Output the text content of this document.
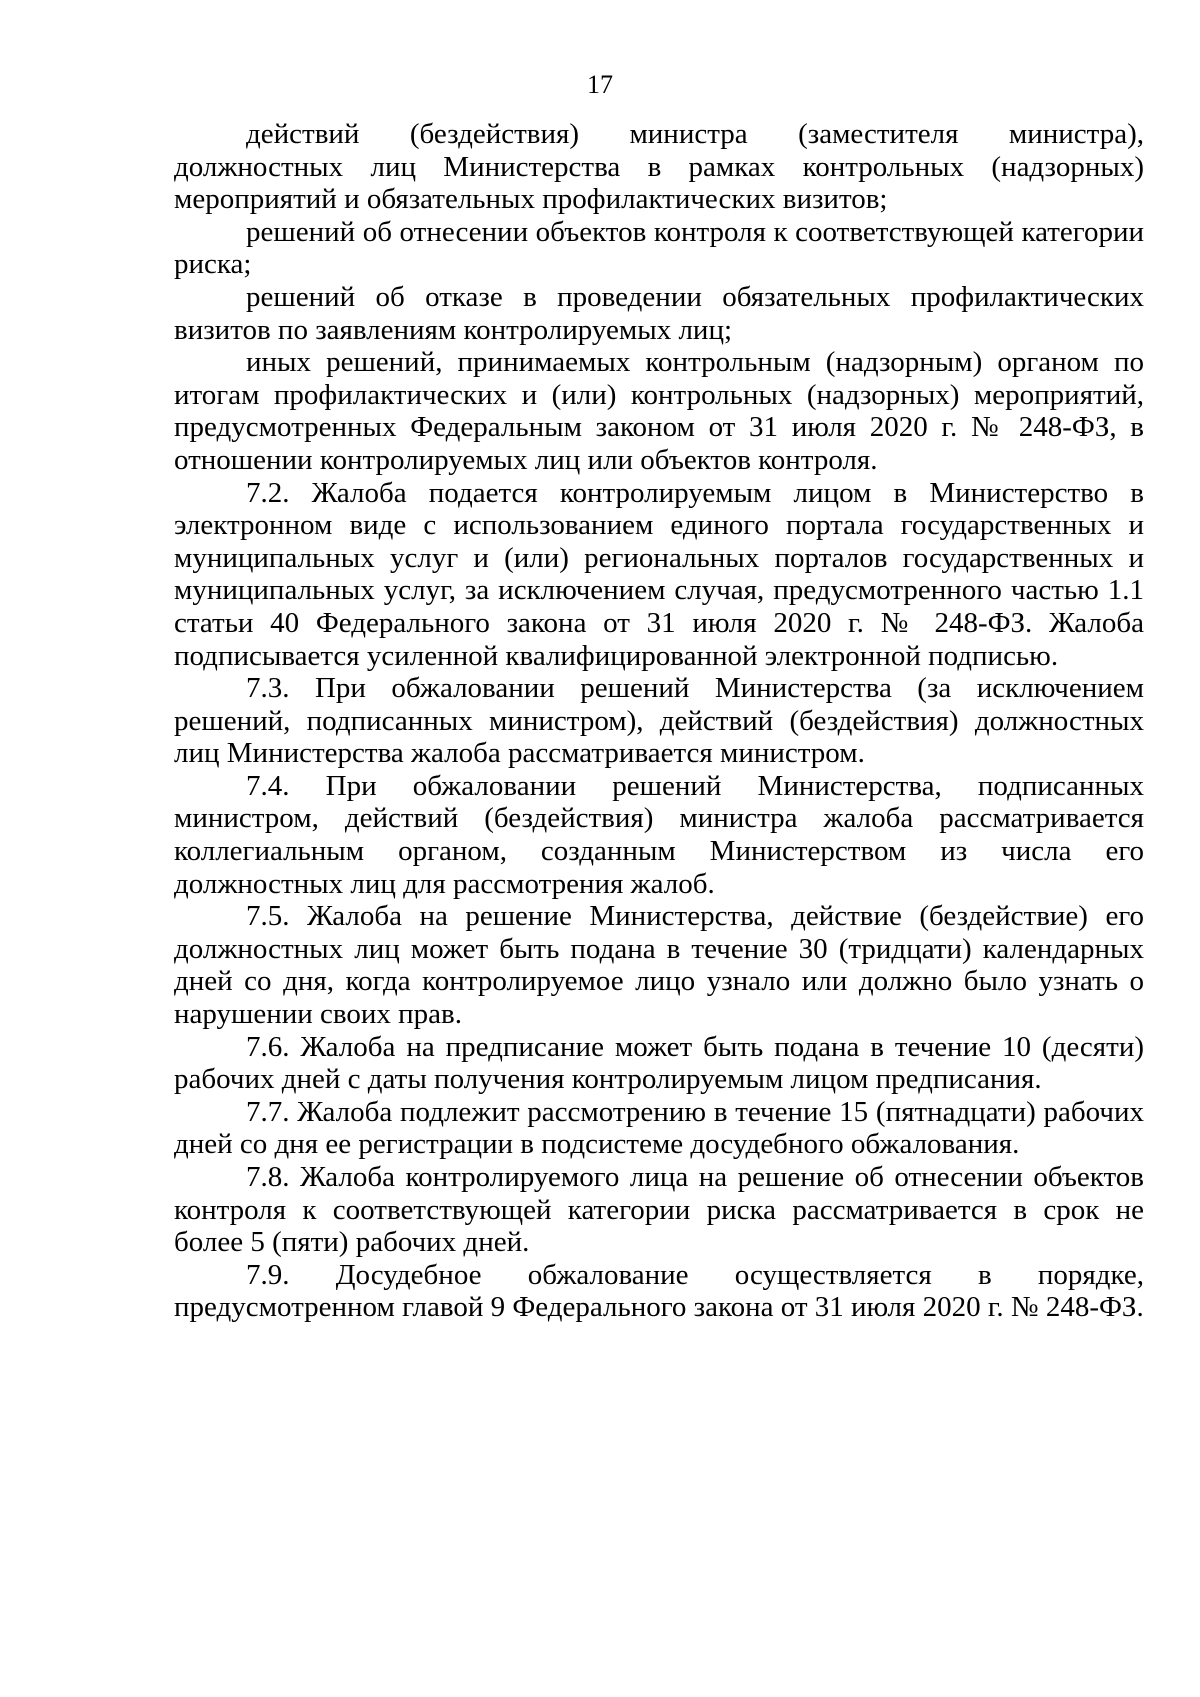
17

действий (бездействия) министра (заместителя министра), должностных лиц Министерства в рамках контрольных (надзорных) мероприятий и обязательных профилактических визитов;

решений об отнесении объектов контроля к соответствующей категории риска;

решений об отказе в проведении обязательных профилактических визитов по заявлениям контролируемых лиц;

иных решений, принимаемых контрольным (надзорным) органом по итогам профилактических и (или) контрольных (надзорных) мероприятий, предусмотренных Федеральным законом от 31 июля 2020 г. № 248-ФЗ, в отношении контролируемых лиц или объектов контроля.

7.2. Жалоба подается контролируемым лицом в Министерство в электронном виде с использованием единого портала государственных и муниципальных услуг и (или) региональных порталов государственных и муниципальных услуг, за исключением случая, предусмотренного частью 1.1 статьи 40 Федерального закона от 31 июля 2020 г. № 248-ФЗ. Жалоба подписывается усиленной квалифицированной электронной подписью.

7.3. При обжаловании решений Министерства (за исключением решений, подписанных министром), действий (бездействия) должностных лиц Министерства жалоба рассматривается министром.

7.4. При обжаловании решений Министерства, подписанных министром, действий (бездействия) министра жалоба рассматривается коллегиальным органом, созданным Министерством из числа его должностных лиц для рассмотрения жалоб.

7.5. Жалоба на решение Министерства, действие (бездействие) его должностных лиц может быть подана в течение 30 (тридцати) календарных дней со дня, когда контролируемое лицо узнало или должно было узнать о нарушении своих прав.

7.6. Жалоба на предписание может быть подана в течение 10 (десяти) рабочих дней с даты получения контролируемым лицом предписания.

7.7. Жалоба подлежит рассмотрению в течение 15 (пятнадцати) рабочих дней со дня ее регистрации в подсистеме досудебного обжалования.

7.8. Жалоба контролируемого лица на решение об отнесении объектов контроля к соответствующей категории риска рассматривается в срок не более 5 (пяти) рабочих дней.

7.9. Досудебное обжалование осуществляется в порядке, предусмотренном главой 9 Федерального закона от 31 июля 2020 г. № 248-ФЗ.
